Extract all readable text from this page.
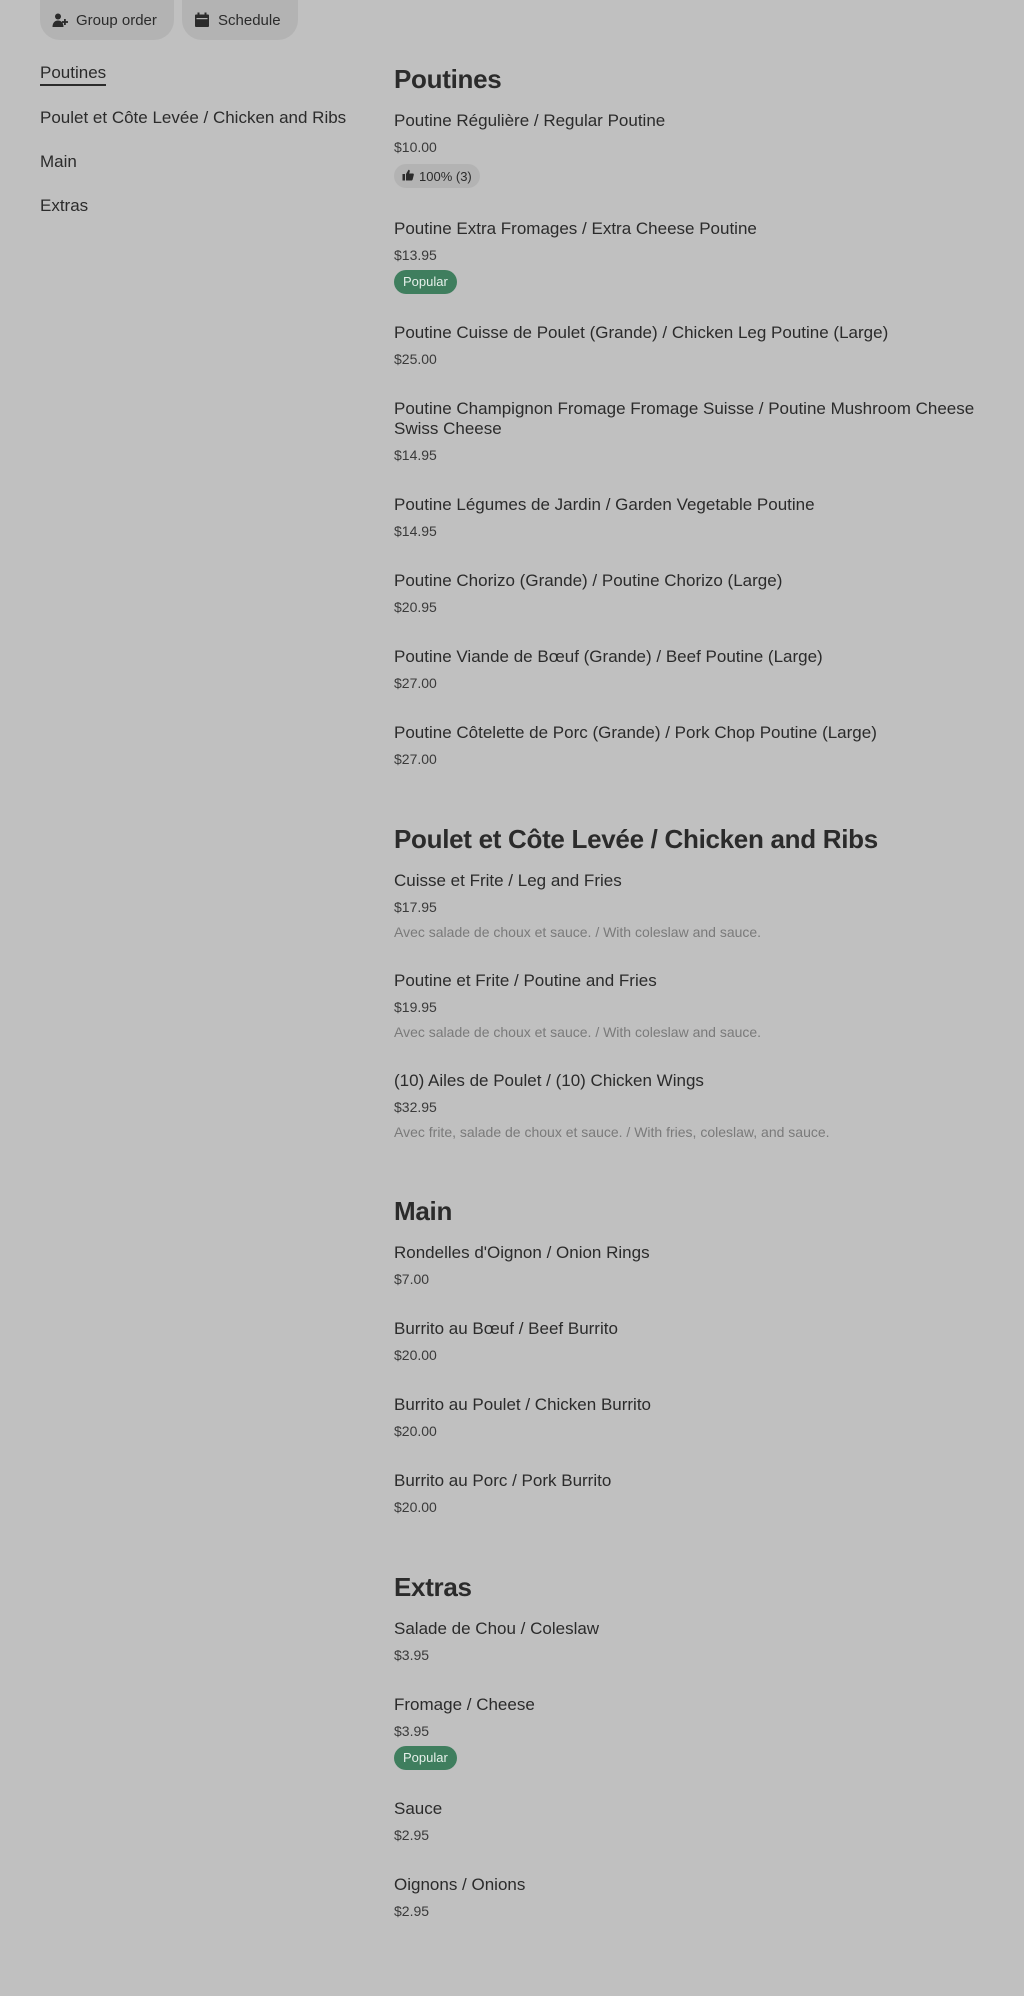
Group order	Schedule
Poutines
Poulet et Côte Levée / Chicken and Ribs
Main
Extras
Poutines
Poutine Régulière / Regular Poutine
$10.00
100% (3)
Poutine Extra Fromages / Extra Cheese Poutine
$13.95
Popular
Poutine Cuisse de Poulet (Grande) / Chicken Leg Poutine (Large)
$25.00
Poutine Champignon Fromage Fromage Suisse / Poutine Mushroom Cheese Swiss Cheese
$14.95
Poutine Légumes de Jardin / Garden Vegetable Poutine
$14.95
Poutine Chorizo (Grande) / Poutine Chorizo (Large)
$20.95
Poutine Viande de Bœuf (Grande) / Beef Poutine (Large)
$27.00
Poutine Côtelette de Porc (Grande) / Pork Chop Poutine (Large)
$27.00
Poulet et Côte Levée / Chicken and Ribs
Cuisse et Frite / Leg and Fries
$17.95
Avec salade de choux et sauce. / With coleslaw and sauce.
Poutine et Frite / Poutine and Fries
$19.95
Avec salade de choux et sauce. / With coleslaw and sauce.
(10) Ailes de Poulet / (10) Chicken Wings
$32.95
Avec frite, salade de choux et sauce. / With fries, coleslaw, and sauce.
Main
Rondelles d'Oignon / Onion Rings
$7.00
Burrito au Bœuf / Beef Burrito
$20.00
Burrito au Poulet / Chicken Burrito
$20.00
Burrito au Porc / Pork Burrito
$20.00
Extras
Salade de Chou / Coleslaw
$3.95
Fromage / Cheese
$3.95
Popular
Sauce
$2.95
Oignons / Onions
$2.95
